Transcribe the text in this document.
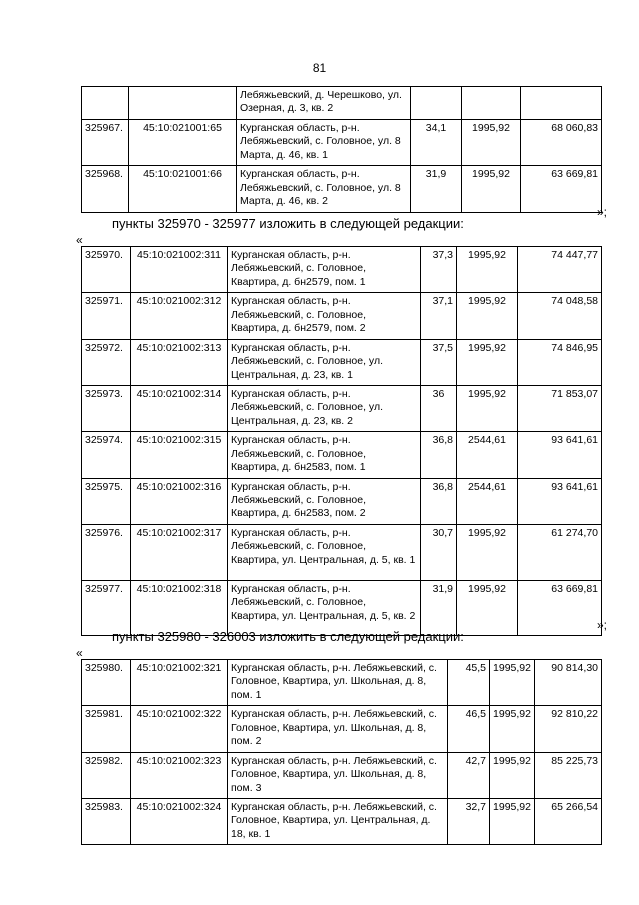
81
		Лебяжьевский, д. Черешково, ул. Озерная, д. 3, кв. 2			
325967.	45:10:021001:65	Курганская область, р-н. Лебяжьевский, с. Головное, ул. 8 Марта, д. 46, кв. 1	34,1	1995,92	68 060,83
325968.	45:10:021001:66	Курганская область, р-н. Лебяжьевский, с. Головное, ул. 8 Марта, д. 46, кв. 2	31,9	1995,92	63 669,81
»;
пункты 325970 - 325977 изложить в следующей редакции:
«
325970.	45:10:021002:311	Курганская область, р-н. Лебяжьевский, с. Головное, Квартира, д. бн2579, пом. 1	37,3	1995,92	74 447,77
325971.	45:10:021002:312	Курганская область, р-н. Лебяжьевский, с. Головное, Квартира, д. бн2579, пом. 2	37,1	1995,92	74 048,58
325972.	45:10:021002:313	Курганская область, р-н. Лебяжьевский, с. Головное, ул. Центральная, д. 23, кв. 1	37,5	1995,92	74 846,95
325973.	45:10:021002:314	Курганская область, р-н. Лебяжьевский, с. Головное, ул. Центральная, д. 23, кв. 2	36	1995,92	71 853,07
325974.	45:10:021002:315	Курганская область, р-н. Лебяжьевский, с. Головное, Квартира, д. бн2583, пом. 1	36,8	2544,61	93 641,61
325975.	45:10:021002:316	Курганская область, р-н. Лебяжьевский, с. Головное, Квартира, д. бн2583, пом. 2	36,8	2544,61	93 641,61
325976.	45:10:021002:317	Курганская область, р-н. Лебяжьевский, с. Головное, Квартира, ул. Центральная, д. 5, кв. 1	30,7	1995,92	61 274,70
325977.	45:10:021002:318	Курганская область, р-н. Лебяжьевский, с. Головное, Квартира, ул. Центральная, д. 5, кв. 2	31,9	1995,92	63 669,81
»;
пункты 325980 - 326003 изложить в следующей редакции:
«
325980.	45:10:021002:321	Курганская область, р-н. Лебяжьевский, с. Головное, Квартира, ул. Школьная, д. 8, пом. 1	45,5	1995,92	90 814,30
325981.	45:10:021002:322	Курганская область, р-н. Лебяжьевский, с. Головное, Квартира, ул. Школьная, д. 8, пом. 2	46,5	1995,92	92 810,22
325982.	45:10:021002:323	Курганская область, р-н. Лебяжьевский, с. Головное, Квартира, ул. Школьная, д. 8, пом. 3	42,7	1995,92	85 225,73
325983.	45:10:021002:324	Курганская область, р-н. Лебяжьевский, с. Головное, Квартира, ул. Центральная, д. 18, кв. 1	32,7	1995,92	65 266,54
